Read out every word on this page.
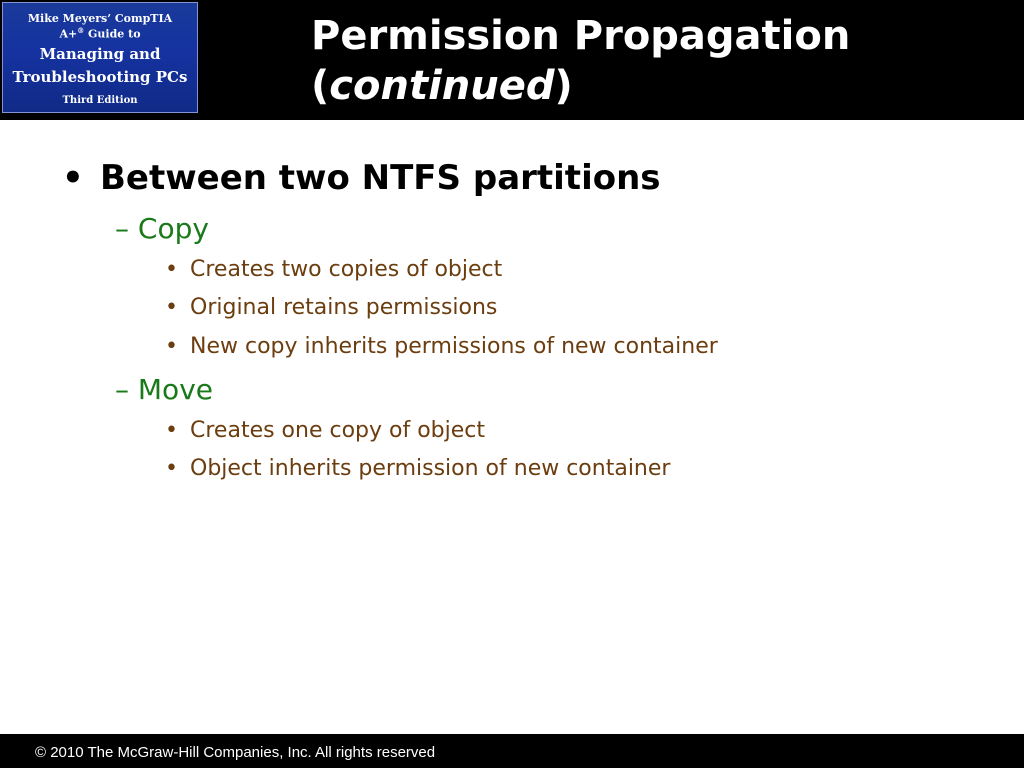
Mike Meyers’ CompTIA
A+® Guide to
Managing and
Troubleshooting PCs
Third Edition
Permission Propagation
(continued)
• Between two NTFS partitions
– Copy
• Creates two copies of object
• Original retains permissions
• New copy inherits permissions of new container
– Move
• Creates one copy of object
• Object inherits permission of new container
© 2010 The McGraw-Hill Companies, Inc. All rights reserved
